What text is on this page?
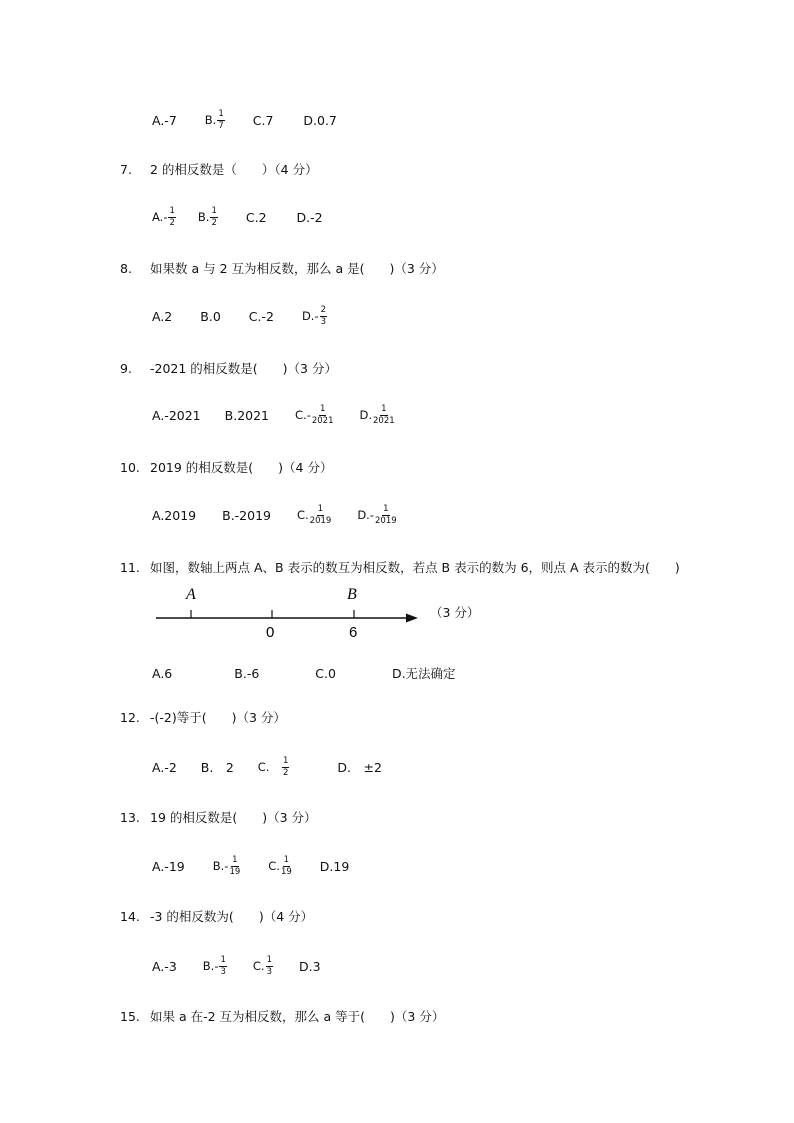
A.-7 B. $\frac{1}{7} C.7$ D.0.7
7. 2 的相反数是（　　）（4 分）
$A.- \frac{1}{2} B$. $\frac{1}{2} C.2$ D.-2
8. 如果数 a 与 2 互为相反数，那么 a 是(　　)（3 分）
A.2 B.0 C.-2 $D.- \frac{2}{3}$
9. -2021 的相反数是(　　)（3 分）
A.-2021 B.2021 $C.- \frac{1}{2021} D$. $\frac{1}{2021}$
10. 2019 的相反数是(　　)（4 分）
A.2019 B.-2019 C. $\frac{1}{2019} D.- \frac{1}{2019}$
11. 如图，数轴上两点 A、B 表示的数互为相反数，若点 B 表示的数为 6，则点 A 表示的数为(　　)
A	B
0	6
（3 分）
A.6	B.-6	C.0	D.无法确定
12. -(-2)等于(　　)（3 分）
A.-2 B.　2 C.　 $\frac{1}{2}$	D.　±2
13. 19 的相反数是(　　)（3 分）
A.-19 $B.- \frac{1}{19} C$. $\frac{1}{19} D.19$
14. -3 的相反数为(　　)（4 分）
A.-3 $B.- \frac{1}{3} C$. $\frac{1}{3} D.3$
15. 如果 a 在-2 互为相反数，那么 a 等于(　　)（3 分）
